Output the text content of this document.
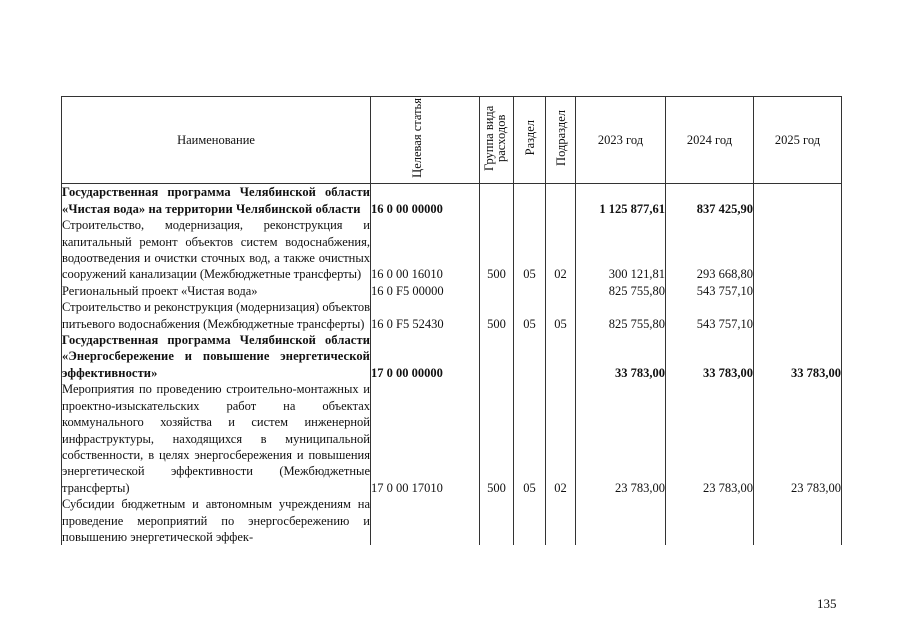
Наименование	Целевая статья	Группа вида расходов	Раздел	Подраздел	2023 год	2024 год	2025 год
Государственная программа Челябинской области «Чистая вода» на территории Челябинской области	16 0 00 00000				1 125 877,61	837 425,90	
Строительство, модернизация, реконструкция и капитальный ремонт объектов систем водоснабжения, водоотведения и очистки сточных вод, а также очистных сооружений канализации (Межбюджетные трансферты)	16 0 00 16010	500	05	02	300 121,81	293 668,80	
Региональный проект «Чистая вода»	16 0 F5 00000				825 755,80	543 757,10	
Строительство и реконструкция (модернизация) объектов питьевого водоснабжения (Межбюджетные трансферты)	16 0 F5 52430	500	05	05	825 755,80	543 757,10	
Государственная программа Челябинской области «Энергосбережение и повышение энергетической эффективности»	17 0 00 00000				33 783,00	33 783,00	33 783,00
Мероприятия по проведению строительно-монтажных и проектно-изыскательских работ на объектах коммунального хозяйства и систем инженерной инфраструктуры, находящихся в муниципальной собственности, в целях энергосбережения и повышения энергетической эффективности (Межбюджетные трансферты)	17 0 00 17010	500	05	02	23 783,00	23 783,00	23 783,00
Субсидии бюджетным и автономным учреждениям на проведение мероприятий по энергосбережению и повышению энергетической эффек-							
135
